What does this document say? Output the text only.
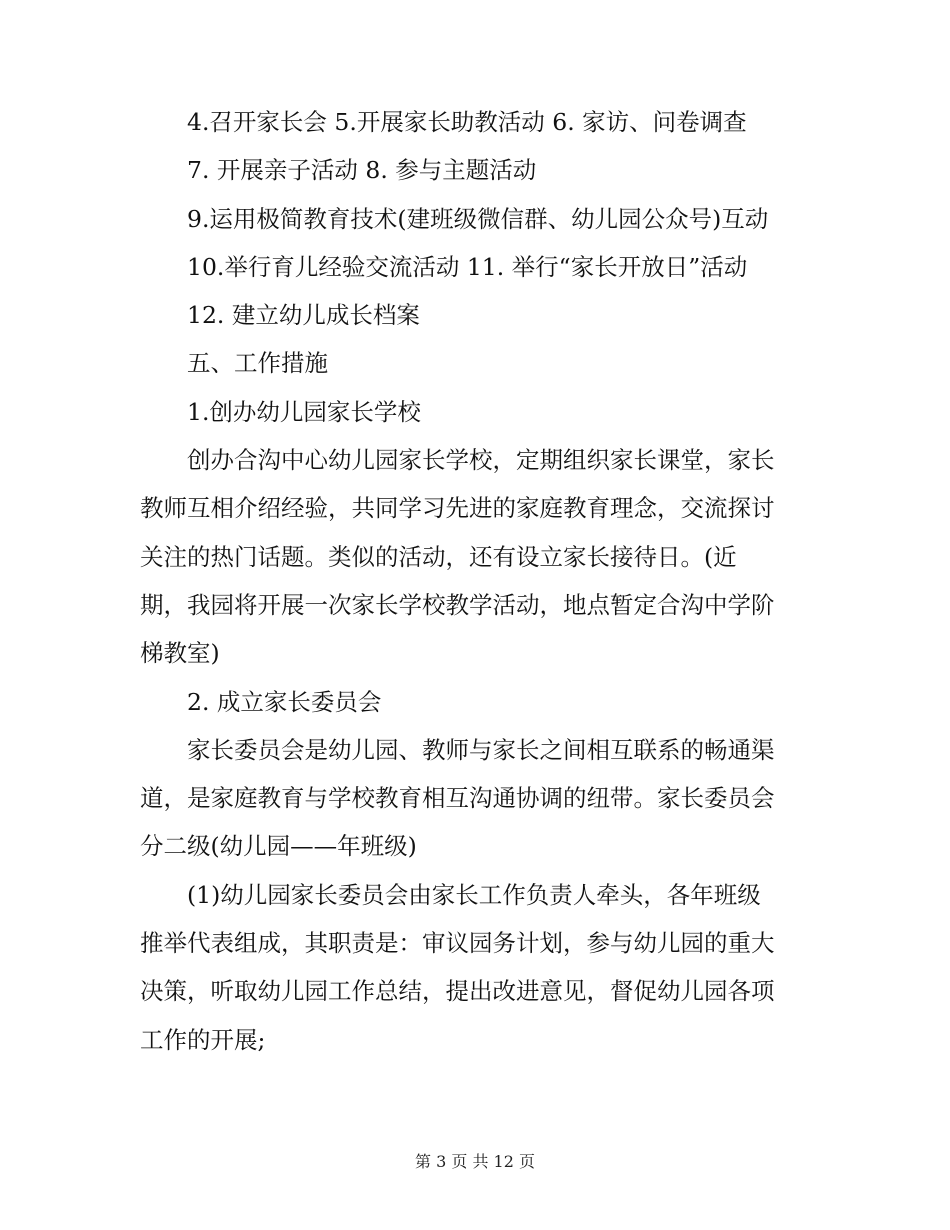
4.召开家长会 5.开展家长助教活动 6. 家访、问卷调查

7. 开展亲子活动 8. 参与主题活动

9.运用极简教育技术(建班级微信群、幼儿园公众号)互动

10.举行育儿经验交流活动 11. 举行“家长开放日”活动

12. 建立幼儿成长档案

五、工作措施

1.创办幼儿园家长学校

创办合沟中心幼儿园家长学校，定期组织家长课堂，家长

教师互相介绍经验，共同学习先进的家庭教育理念，交流探讨

关注的热门话题。类似的活动，还有设立家长接待日。(近

期，我园将开展一次家长学校教学活动，地点暂定合沟中学阶

梯教室)

2. 成立家长委员会

家长委员会是幼儿园、教师与家长之间相互联系的畅通渠

道，是家庭教育与学校教育相互沟通协调的纽带。家长委员会

分二级(幼儿园——年班级)

(1)幼儿园家长委员会由家长工作负责人牵头，各年班级

推举代表组成，其职责是：审议园务计划，参与幼儿园的重大

决策，听取幼儿园工作总结，提出改进意见，督促幼儿园各项

工作的开展;

第 3 页 共 12 页
